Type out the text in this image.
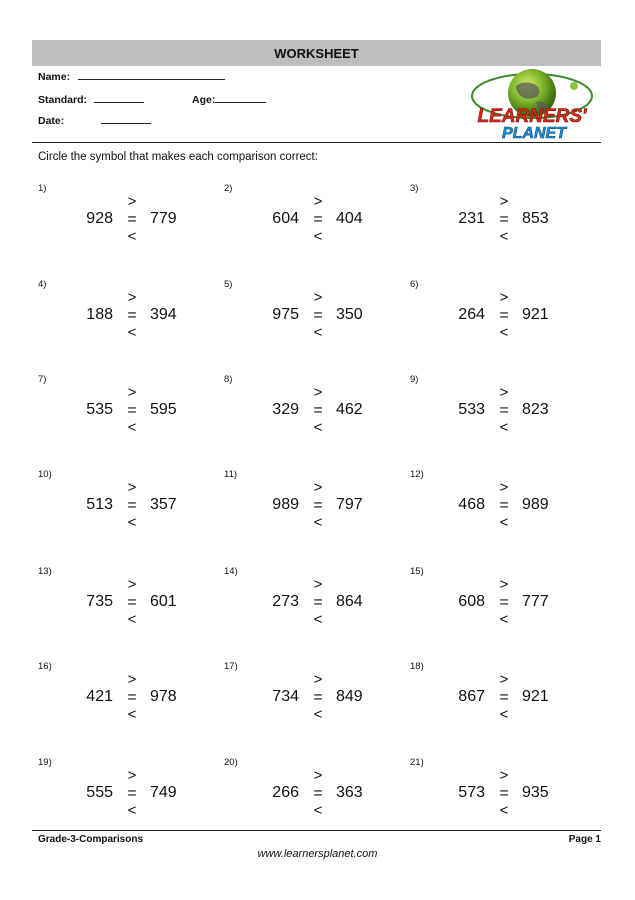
WORKSHEET
Name:
Standard:	Age:
Date:	LEARNERS'
PLANET
Circle the symbol that makes each comparison correct:
1)
>
928 = 779
<
2)
>
604 = 404
<
3)
>
231 = 853
<
4)
>
188 = 394
<
5)
>
975 = 350
<
6)
>
264 = 921
<
7)
>
535 = 595
<
8)
>
329 = 462
<
9)
>
533 = 823
<
10)
>
513 = 357
<
11)
>
989 = 797
<
12)
>
468 = 989
<
13)
>
735 = 601
<
14)
>
273 = 864
<
15)
>
608 = 777
<
16)
>
421 = 978
<
17)
>
734 = 849
<
18)
>
867 = 921
<
19)
>
555 = 749
<
20)
>
266 = 363
<
21)
>
573 = 935
<
Grade-3-Comparisons	Page 1
www.learnersplanet.com
